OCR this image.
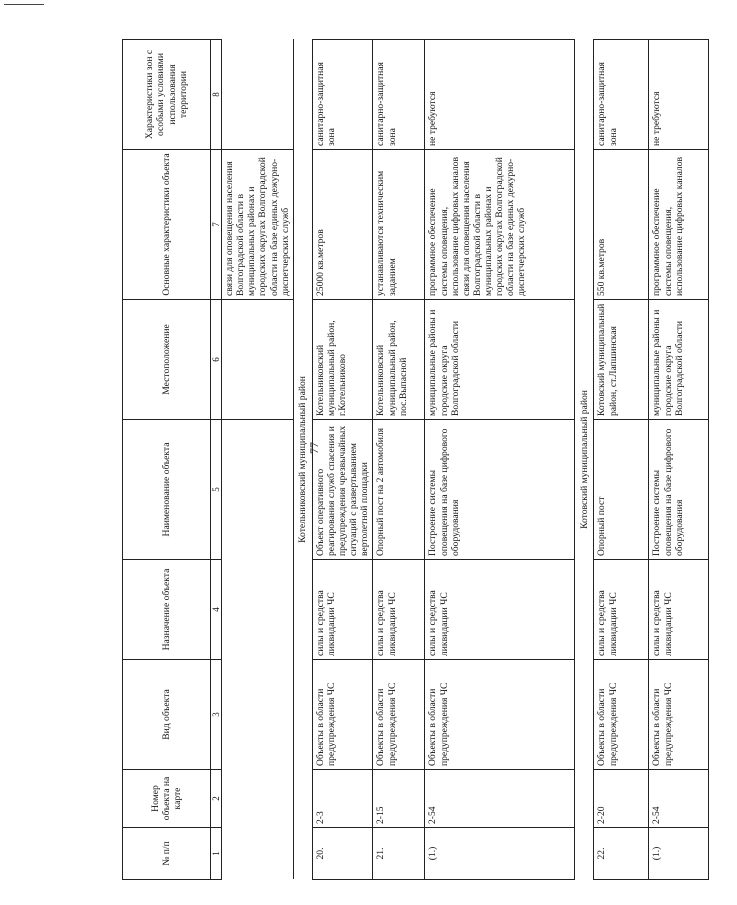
77
№ п/п	Номер объекта на карте	Вид объекта	Назначение объекта	Наименование объекта	Местоположение	Основные характеристики объекта	Характеристики зон с особыми условиями использования территории
1	2	3	4	5	6	7	8
						связи для оповещения населения Волгоградской области в муниципальных районах и городских округах Волгоградской области на базе единых дежурно-диспетчерских служб	
Котельниковский муниципальный район							
20.	2-3	Объекты в области предупреждения ЧС	силы и средства ликвидации ЧС	Объект оперативного реагирования служб спасения и предупреждения чрезвычайных ситуаций с развертыванием вертолетной площадки	Котельниковский муниципальный район, г.Котельниково	25000 кв.метров	санитарно-защитная зона
21.	2-15	Объекты в области предупреждения ЧС	силы и средства ликвидации ЧС	Опорный пост на 2 автомобиля	Котельниковский муниципальный район, пос.Выпасной	устанавливаются техническим заданием	санитарно-защитная зона
(1.)	2-54	Объекты в области предупреждения ЧС	силы и средства ликвидации ЧС	Построение системы оповещения на базе цифрового оборудования	муниципальные районы и городские округа Волгоградской области	программное обеспечение системы оповещения, использование цифровых каналов связи для оповещения населения Волгоградской области в муниципальных районах и городских округах Волгоградской области на базе единых дежурно-диспетчерских служб	не требуются
Котовский муниципальный район							
22.	2-20	Объекты в области предупреждения ЧС	силы и средства ликвидации ЧС	Опорный пост	Котовский муниципальный район, ст.Лапшинская	550 кв.метров	санитарно-защитная зона
(1.)	2-54	Объекты в области предупреждения ЧС	силы и средства ликвидации ЧС	Построение системы оповещения на базе цифрового оборудования	муниципальные районы и городские округа Волгоградской области	программное обеспечение системы оповещения, использование цифровых каналов	не требуются
